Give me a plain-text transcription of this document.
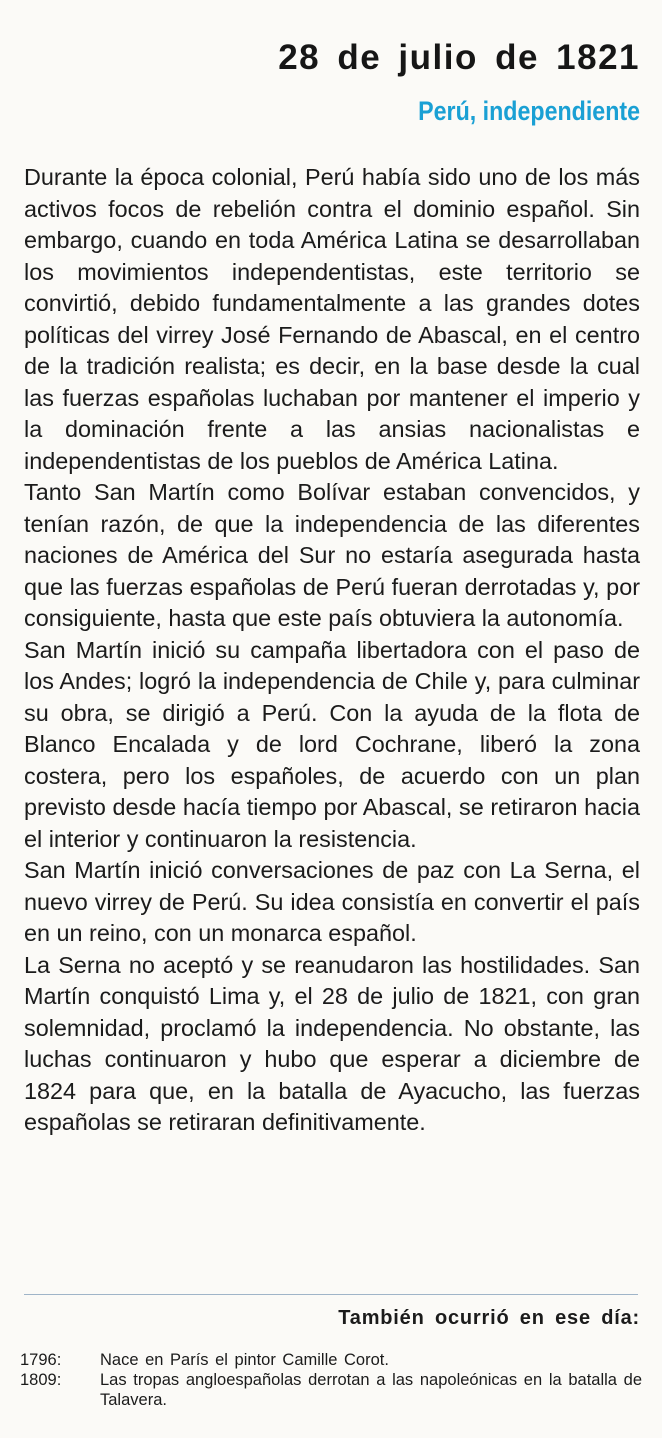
28 de julio de 1821
Perú, independiente

Durante la época colonial, Perú había sido uno de los más activos focos de rebelión contra el dominio español. Sin embargo, cuando en toda América Latina se desarrollaban los movimientos independentistas, este territorio se convirtió, debido fundamentalmente a las grandes dotes políticas del virrey José Fernando de Abascal, en el centro de la tradición realista; es decir, en la base desde la cual las fuerzas españolas luchaban por mantener el imperio y la dominación frente a las ansias nacionalistas e independentistas de los pueblos de América Latina.

Tanto San Martín como Bolívar estaban convencidos, y tenían razón, de que la independencia de las diferentes naciones de América del Sur no estaría asegurada hasta que las fuerzas españolas de Perú fueran derrotadas y, por consiguiente, hasta que este país obtuviera la autonomía.

San Martín inició su campaña libertadora con el paso de los Andes; logró la independencia de Chile y, para culminar su obra, se dirigió a Perú. Con la ayuda de la flota de Blanco Encalada y de lord Cochrane, liberó la zona costera, pero los españoles, de acuerdo con un plan previsto desde hacía tiempo por Abascal, se retiraron hacia el interior y continuaron la resistencia.

San Martín inició conversaciones de paz con La Serna, el nuevo virrey de Perú. Su idea consistía en convertir el país en un reino, con un monarca español.

La Serna no aceptó y se reanudaron las hostilidades. San Martín conquistó Lima y, el 28 de julio de 1821, con gran solemnidad, proclamó la independencia. No obstante, las luchas continuaron y hubo que esperar a diciembre de 1824 para que, en la batalla de Ayacucho, las fuerzas españolas se retiraran definitivamente.

También ocurrió en ese día:
1796:	Nace en París el pintor Camille Corot.
1809:	Las tropas angloespañolas derrotan a las napoleónicas en la batalla de Talavera.
